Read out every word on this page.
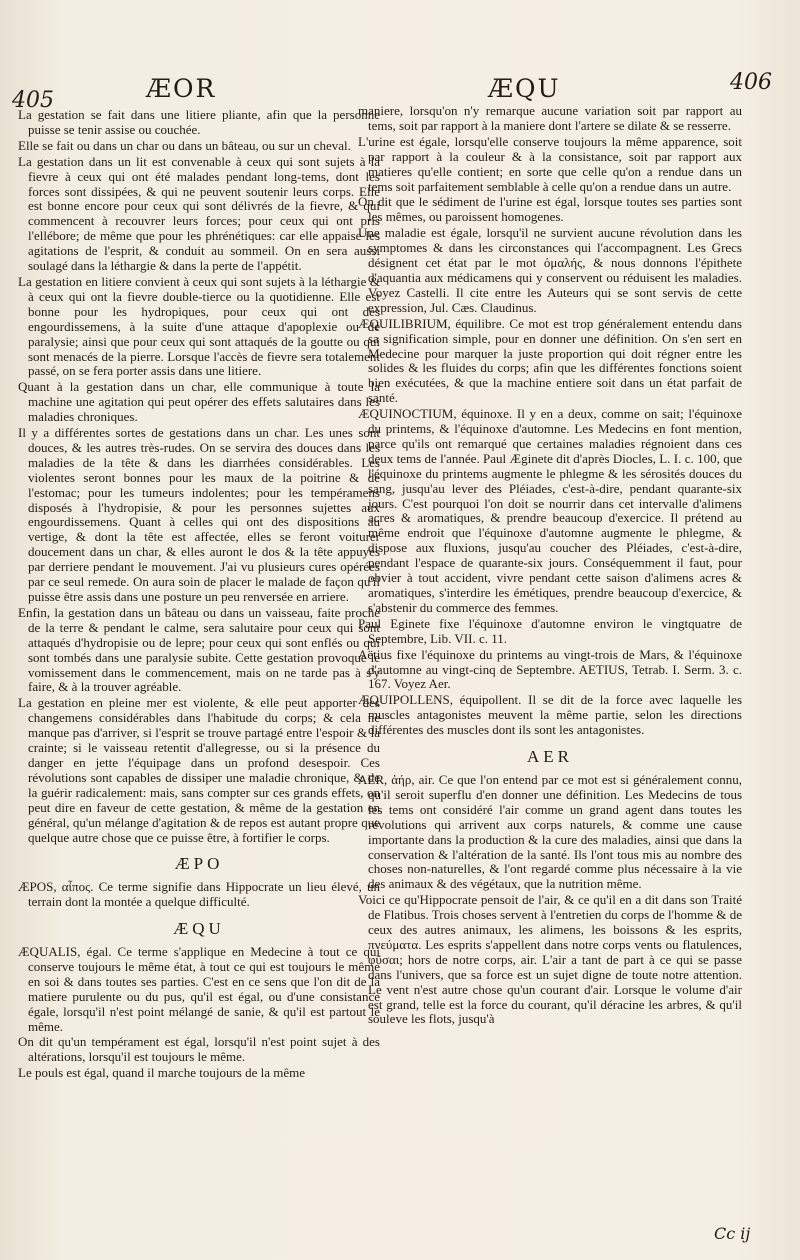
405	ÆOR	ÆQU	406

La gestation se fait dans une litiere pliante, afin que la personne puisse se tenir assise ou couchée.

Elle se fait ou dans un char ou dans un bâteau, ou sur un cheval.

La gestation dans un lit est convenable à ceux qui sont sujets à la fievre à ceux qui ont été malades pendant long-tems, dont les forces sont dissipées, & qui ne peuvent soutenir leurs corps. Elle est bonne encore pour ceux qui sont délivrés de la fievre, & qui commencent à recouvrer leurs forces; pour ceux qui ont pris l'ellébore; de même que pour les phrénétiques: car elle appaise les agitations de l'esprit, & conduit au sommeil. On en sera aussi soulagé dans la léthargie & dans la perte de l'appétit.

La gestation en litiere convient à ceux qui sont sujets à la léthargie & à ceux qui ont la fievre double-tierce ou la quotidienne. Elle est bonne pour les hydropiques, pour ceux qui ont des engourdissemens, à la suite d'une attaque d'apoplexie ou de paralysie; ainsi que pour ceux qui sont attaqués de la goutte ou qui sont menacés de la pierre. Lorsque l'accès de fievre sera totalement passé, on se fera porter assis dans une litiere.

Quant à la gestation dans un char, elle communique à toute la machine une agitation qui peut opérer des effets salutaires dans les maladies chroniques.

Il y a différentes sortes de gestations dans un char. Les unes sont douces, & les autres très-rudes. On se servira des douces dans les maladies de la tête & dans les diarrhées considérables. Les violentes seront bonnes pour les maux de la poitrine & de l'estomac; pour les tumeurs indolentes; pour les tempéramens disposés à l'hydropisie, & pour les personnes sujettes aux engourdissemens. Quant à celles qui ont des dispositions au vertige, & dont la tête est affectée, elles se feront voiturer doucement dans un char, & elles auront le dos & la tête appuyés par derriere pendant le mouvement. J'ai vu plusieurs cures opérées par ce seul remede. On aura soin de placer le malade de façon qu'il puisse être assis dans une posture un peu renversée en arriere.

Enfin, la gestation dans un bâteau ou dans un vaisseau, faite proche de la terre & pendant le calme, sera salutaire pour ceux qui sont attaqués d'hydropisie ou de lepre; pour ceux qui sont enflés ou qui sont tombés dans une paralysie subite. Cette gestation provoque le vomissement dans le commencement, mais on ne tarde pas à s'y faire, & à la trouver agréable.

La gestation en pleine mer est violente, & elle peut apporter des changemens considérables dans l'habitude du corps; & cela ne manque pas d'arriver, si l'esprit se trouve partagé entre l'espoir & la crainte; si le vaisseau retentit d'allegresse, ou si la présence du danger en jette l'équipage dans un profond desespoir. Ces révolutions sont capables de dissiper une maladie chronique, & de la guérir radicalement: mais, sans compter sur ces grands effets, on peut dire en faveur de cette gestation, & même de la gestation en général, qu'un mélange d'agitation & de repos est autant propre que quelque autre chose que ce puisse être, à fortifier le corps.

ÆPO

ÆPOS, αἶπος. Ce terme signifie dans Hippocrate un lieu élevé, un terrain dont la montée a quelque difficulté.

ÆQU

ÆQUALIS, égal. Ce terme s'applique en Medecine à tout ce qui conserve toujours le même état, à tout ce qui est toujours le même en soi & dans toutes ses parties. C'est en ce sens que l'on dit de la matiere purulente ou du pus, qu'il est égal, ou d'une consistance égale, lorsqu'il n'est point mélangé de sanie, & qu'il est partout le même.

On dit qu'un tempérament est égal, lorsqu'il n'est point sujet à des altérations, lorsqu'il est toujours le même.

Le pouls est égal, quand il marche toujours de la même

maniere, lorsqu'on n'y remarque aucune variation soit par rapport au tems, soit par rapport à la maniere dont l'artere se dilate & se resserre.

L'urine est égale, lorsqu'elle conserve toujours la même apparence, soit par rapport à la couleur & à la consistance, soit par rapport aux matieres qu'elle contient; en sorte que celle qu'on a rendue dans un tems soit parfaitement semblable à celle qu'on a rendue dans un autre.

On dit que le sédiment de l'urine est égal, lorsque toutes ses parties sont les mêmes, ou paroissent homogenes.

Une maladie est égale, lorsqu'il ne survient aucune révolution dans les symptomes & dans les circonstances qui l'accompagnent. Les Grecs désignent cet état par le mot ὁμαλής, & nous donnons l'épithete d'aquantia aux médicamens qui y conservent ou réduisent les maladies. Voyez Castelli. Il cite entre les Auteurs qui se sont servis de cette expression, Jul. Cæs. Claudinus.

ÆQUILIBRIUM, équilibre. Ce mot est trop généralement entendu dans sa signification simple, pour en donner une définition. On s'en sert en Medecine pour marquer la juste proportion qui doit régner entre les solides & les fluides du corps; afin que les différentes fonctions soient bien exécutées, & que la machine entiere soit dans un état parfait de santé.

ÆQUINOCTIUM, équinoxe. Il y en a deux, comme on sait; l'équinoxe du printems, & l'équinoxe d'automne. Les Medecins en font mention, parce qu'ils ont remarqué que certaines maladies régnoient dans ces deux tems de l'année. Paul Æginete dit d'après Diocles, L. I. c. 100, que l'équinoxe du printems augmente le phlegme & les sérosités douces du sang, jusqu'au lever des Pléiades, c'est-à-dire, pendant quarante-six jours. C'est pourquoi l'on doit se nourrir dans cet intervalle d'alimens acres & aromatiques, & prendre beaucoup d'exercice. Il prétend au même endroit que l'équinoxe d'automne augmente le phlegme, & dispose aux fluxions, jusqu'au coucher des Pléiades, c'est-à-dire, pendant l'espace de quarante-six jours. Conséquemment il faut, pour obvier à tout accident, vivre pendant cette saison d'alimens acres & aromatiques, s'interdire les émétiques, prendre beaucoup d'exercice, & s'abstenir du commerce des femmes.

Paul Eginete fixe l'équinoxe d'automne environ le vingtquatre de Septembre, Lib. VII. c. 11.

Aëtius fixe l'équinoxe du printems au vingt-trois de Mars, & l'équinoxe d'automne au vingt-cinq de Septembre. AETIUS, Tetrab. I. Serm. 3. c. 167. Voyez Aer.

ÆQUIPOLLENS, équipollent. Il se dit de la force avec laquelle les muscles antagonistes meuvent la même partie, selon les directions différentes des muscles dont ils sont les antagonistes.

AER

AER, ἀήρ, air. Ce que l'on entend par ce mot est si généralement connu, qu'il seroit superflu d'en donner une définition. Les Medecins de tous les tems ont considéré l'air comme un grand agent dans toutes les révolutions qui arrivent aux corps naturels, & comme une cause importante dans la production & la cure des maladies, ainsi que dans la conservation & l'altération de la santé. Ils l'ont tous mis au nombre des choses non-naturelles, & l'ont regardé comme plus nécessaire à la vie des animaux & des végétaux, que la nutrition même.

Voici ce qu'Hippocrate pensoit de l'air, & ce qu'il en a dit dans son Traité de Flatibus. Trois choses servent à l'entretien du corps de l'homme & de ceux des autres animaux, les alimens, les boissons & les esprits, πνεύματα. Les esprits s'appellent dans notre corps vents ou flatulences, φῦσαι; hors de notre corps, air. L'air a tant de part à ce qui se passe dans l'univers, que sa force est un sujet digne de toute notre attention. Le vent n'est autre chose qu'un courant d'air. Lorsque le volume d'air est grand, telle est la force du courant, qu'il déracine les arbres, & qu'il souleve les flots, jusqu'à

Cc ij
